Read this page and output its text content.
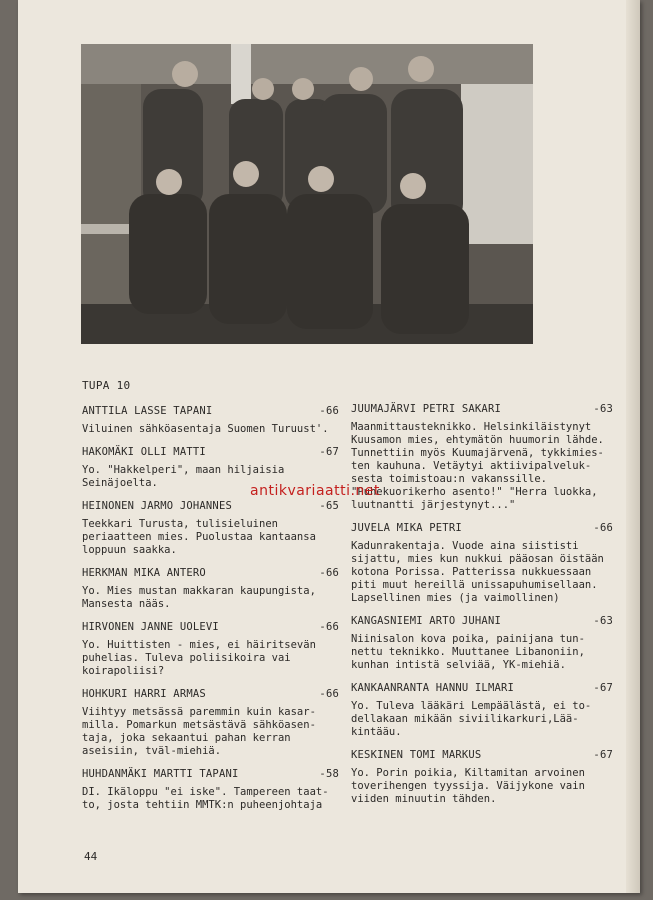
TUPA 10
ANTTILA LASSE TAPANI	-66
Viluinen sähköasentaja Suomen Turuust'.
HAKOMÄKI OLLI MATTI	-67
Yo. "Hakkelperi", maan hiljaisia
Seinäjoelta.
HEINONEN JARMO JOHANNES	-65
Teekkari Turusta, tulisieluinen
periaatteen mies. Puolustaa kantaansa
loppuun saakka.
HERKMAN MIKA ANTERO	-66
Yo. Mies mustan makkaran kaupungista,
Mansesta nääs.
HIRVONEN JANNE UOLEVI	-66
Yo. Huittisten - mies, ei häiritsevän
puhelias. Tuleva poliisikoira vai
koirapoliisi?
HOHKURI HARRI ARMAS	-66
Viihtyy metsässä paremmin kuin kasar-
milla. Pomarkun metsästävä sähköasen-
taja, joka sekaantui pahan kerran
aseisiin, tväl-miehiä.
HUHDANMÄKI MARTTI TAPANI	-58
DI. Ikäloppu "ei iske". Tampereen taat-
to, josta tehtiin MMTK:n puheenjohtaja
JUUMAJÄRVI PETRI SAKARI	-63
Maanmittausteknikko. Helsinkiläistynyt
Kuusamon mies, ehtymätön huumorin lähde.
Tunnettiin myös Kuumajärvenä, tykkimies-
ten kauhuna. Vetäytyi aktiivipalveluk-
sesta toimistoau:n vakanssille.
"Puhekuorikerho asento!" "Herra luokka,
luutnantti järjestynyt..."
JUVELA MIKA PETRI	-66
Kadunrakentaja. Vuode aina siististi
sijattu, mies kun nukkui pääosan öistään
kotona Porissa. Patterissa nukkuessaan
piti muut hereillä unissapuhumisellaan.
Lapsellinen mies (ja vaimollinen)
KANGASNIEMI ARTO JUHANI	-63
Niinisalon kova poika, painijana tun-
nettu teknikko. Muuttanee Libanoniin,
kunhan intistä selviää, YK-miehiä.
KANKAANRANTA HANNU ILMARI	-67
Yo. Tuleva lääkäri Lempäälästä, ei to-
dellakaan mikään siviilikarkuri,Lää-
kintääu.
KESKINEN TOMI MARKUS	-67
Yo. Porin poikia, Kiltamitan arvoinen
toverihengen tyyssija. Väijykone vain
viiden minuutin tähden.
antikvariaatti.net
44
